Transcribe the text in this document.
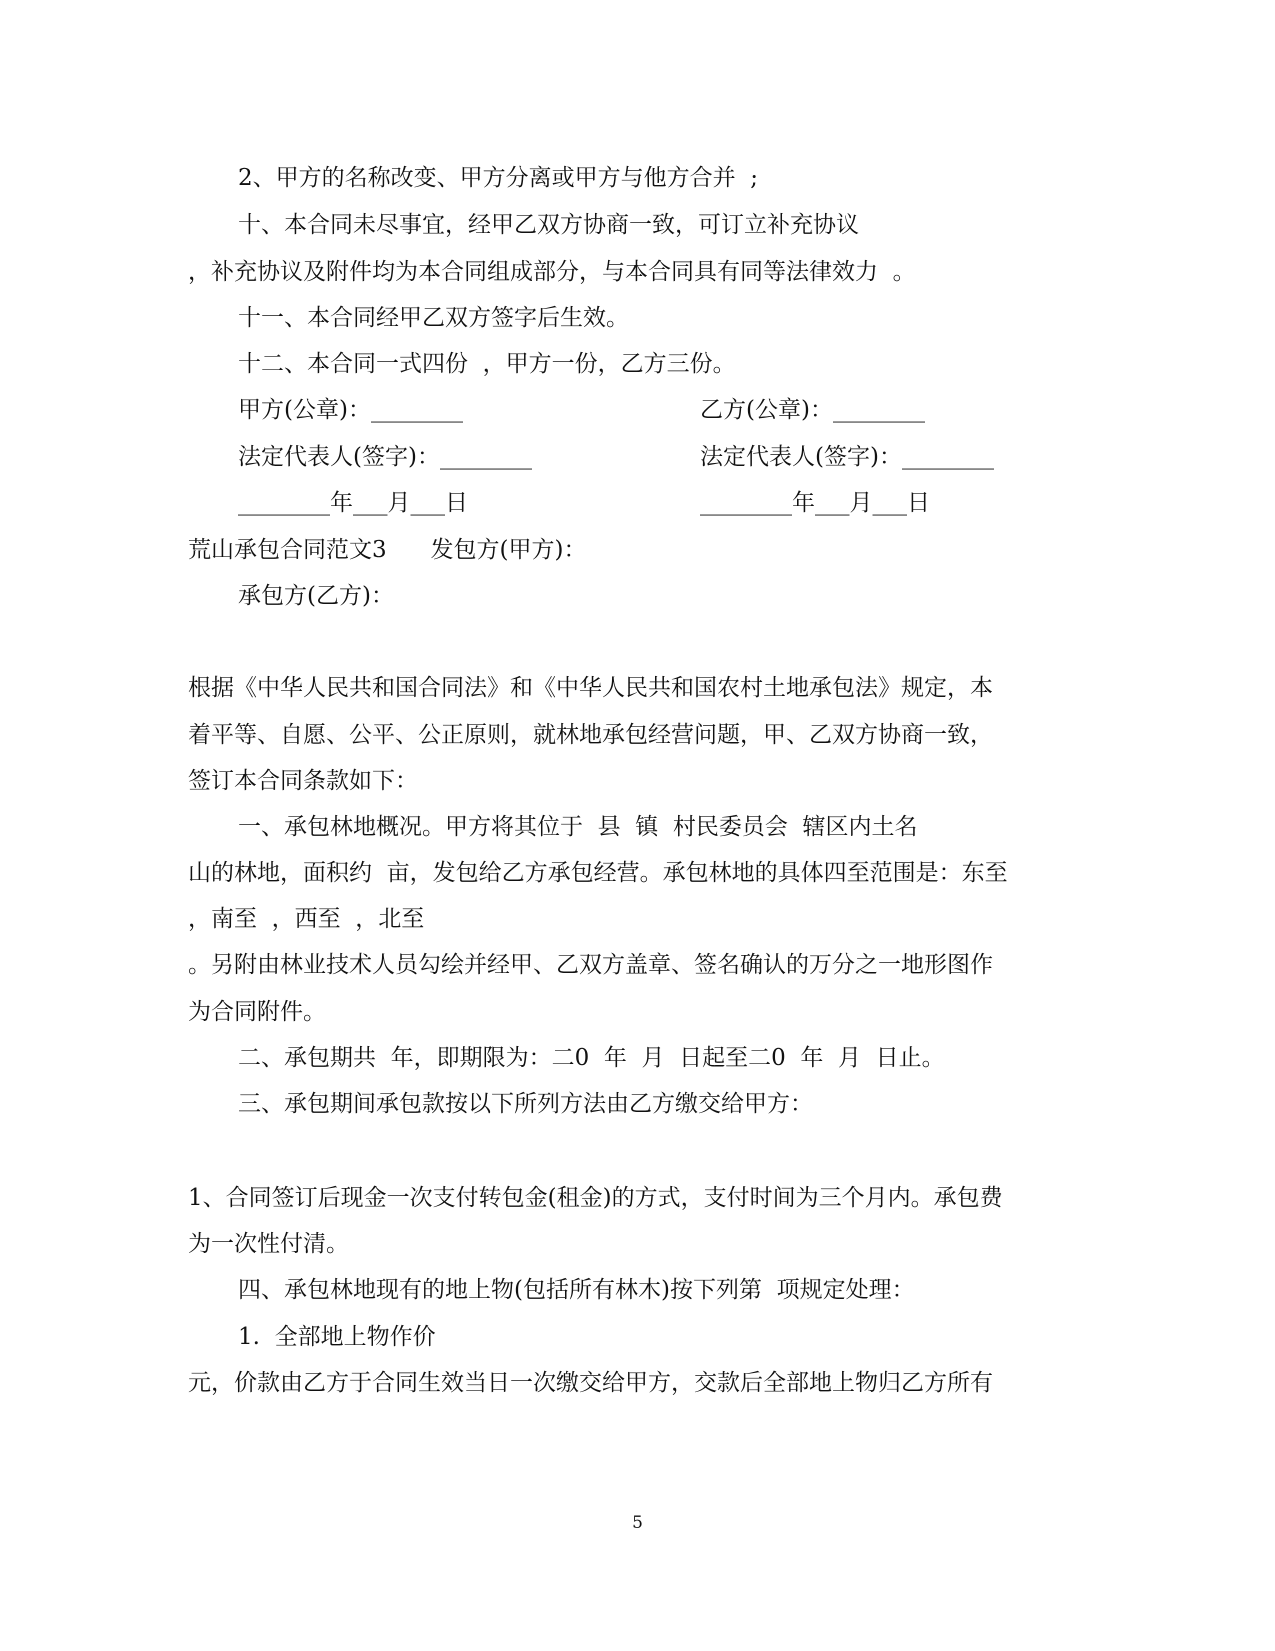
2、甲方的名称改变、甲方分离或甲方与他方合并  ;
十、本合同未尽事宜，经甲乙双方协商一致，可订立补充协议
，补充协议及附件均为本合同组成部分，与本合同具有同等法律效力  。
十一、本合同经甲乙双方签字后生效。
十二、本合同一式四份  ，甲方一份，乙方三份。
甲方(公章)：________	乙方(公章)：________
法定代表人(签字)：________	法定代表人(签字)：________
________年___月___日	________年___月___日
荒山承包合同范文3      发包方(甲方)：
承包方(乙方)：
根据《中华人民共和国合同法》和《中华人民共和国农村土地承包法》规定，本
着平等、自愿、公平、公正原则，就林地承包经营问题，甲、乙双方协商一致，
签订本合同条款如下：
一、承包林地概况。甲方将其位于  县  镇  村民委员会  辖区内土名
山的林地，面积约  亩，发包给乙方承包经营。承包林地的具体四至范围是：东至
，南至  ，西至  ，北至
。另附由林业技术人员勾绘并经甲、乙双方盖章、签名确认的万分之一地形图作
为合同附件。
二、承包期共  年，即期限为：二0  年  月  日起至二0  年  月  日止。
三、承包期间承包款按以下所列方法由乙方缴交给甲方：
1、合同签订后现金一次支付转包金(租金)的方式，支付时间为三个月内。承包费
为一次性付清。
四、承包林地现有的地上物(包括所有林木)按下列第  项规定处理：
1.  全部地上物作价
元，价款由乙方于合同生效当日一次缴交给甲方，交款后全部地上物归乙方所有
5
